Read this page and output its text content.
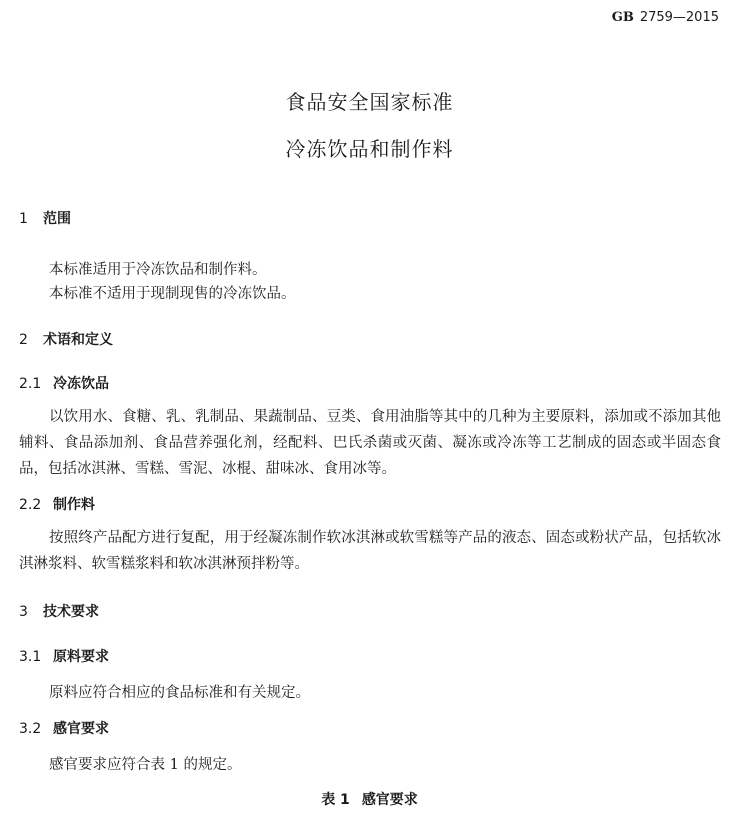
GB 2759—2015
食品安全国家标准
冷冻饮品和制作料
1 范围
本标准适用于冷冻饮品和制作料。
本标准不适用于现制现售的冷冻饮品。
2 术语和定义
2.1 冷冻饮品
以饮用水、食糖、乳、乳制品、果蔬制品、豆类、食用油脂等其中的几种为主要原料，添加或不添加其他辅料、食品添加剂、食品营养强化剂，经配料、巴氏杀菌或灭菌、凝冻或冷冻等工艺制成的固态或半固态食品，包括冰淇淋、雪糕、雪泥、冰棍、甜味冰、食用冰等。
2.2 制作料
按照终产品配方进行复配，用于经凝冻制作软冰淇淋或软雪糕等产品的液态、固态或粉状产品，包括软冰淇淋浆料、软雪糕浆料和软冰淇淋预拌粉等。
3 技术要求
3.1 原料要求
原料应符合相应的食品标准和有关规定。
3.2 感官要求
感官要求应符合表 1 的规定。
表 1 感官要求
